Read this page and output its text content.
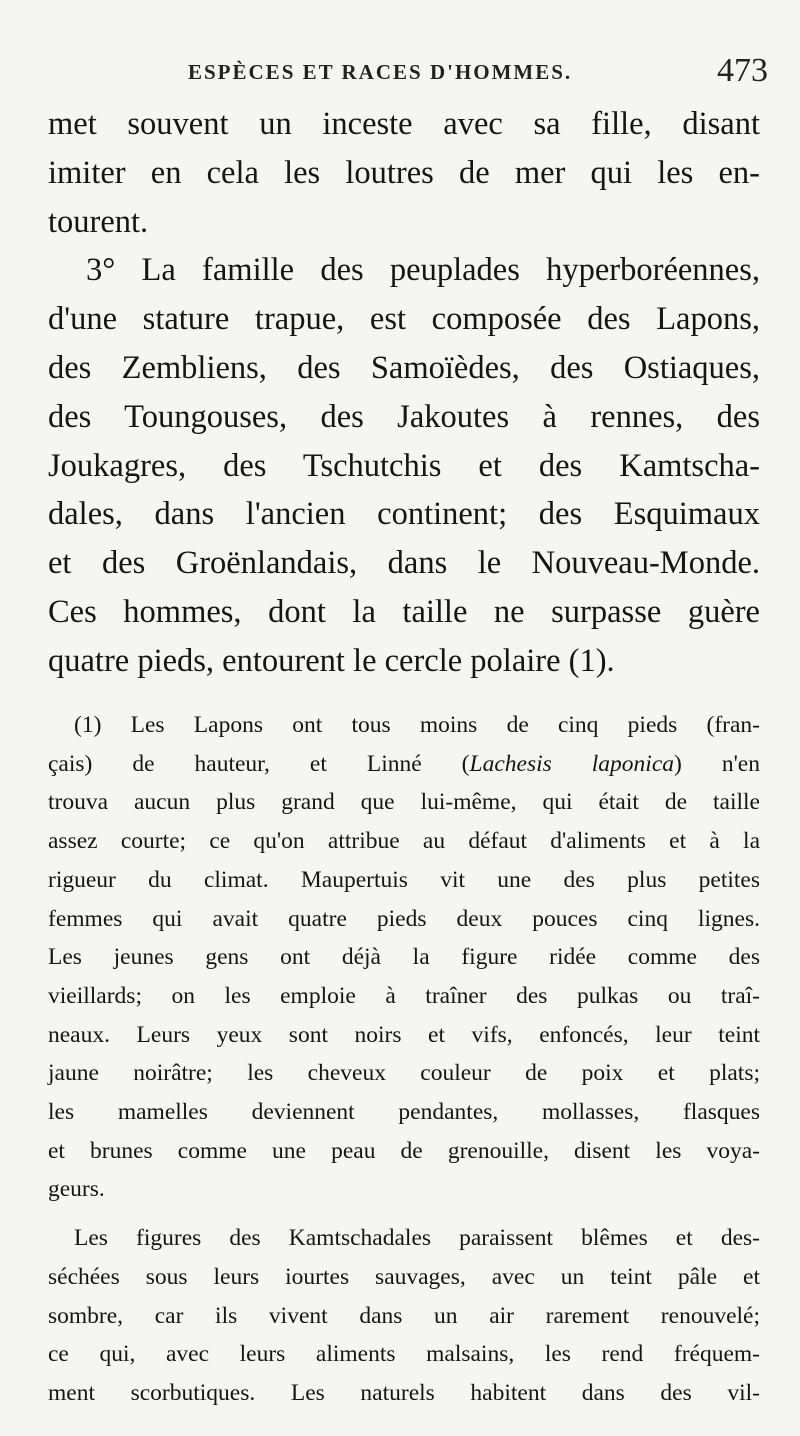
ESPÈCES ET RACES D'HOMMES.	473
met souvent un inceste avec sa fille, disant
imiter en cela les loutres de mer qui les en-
tourent.
3° La famille des peuplades hyperboréennes,
d'une stature trapue, est composée des Lapons,
des Zembliens, des Samoïèdes, des Ostiaques,
des Toungouses, des Jakoutes à rennes, des
Joukagres, des Tschutchis et des Kamtscha-
dales, dans l'ancien continent; des Esquimaux
et des Groënlandais, dans le Nouveau-Monde.
Ces hommes, dont la taille ne surpasse guère
quatre pieds, entourent le cercle polaire (1).
(1) Les Lapons ont tous moins de cinq pieds (fran-
çais) de hauteur, et Linné (Lachesis laponica) n'en
trouva aucun plus grand que lui-même, qui était de taille
assez courte; ce qu'on attribue au défaut d'aliments et à la
rigueur du climat. Maupertuis vit une des plus petites
femmes qui avait quatre pieds deux pouces cinq lignes.
Les jeunes gens ont déjà la figure ridée comme des
vieillards; on les emploie à traîner des pulkas ou traî-
neaux. Leurs yeux sont noirs et vifs, enfoncés, leur teint
jaune noirâtre; les cheveux couleur de poix et plats;
les mamelles deviennent pendantes, mollasses, flasques
et brunes comme une peau de grenouille, disent les voya-
geurs.
Les figures des Kamtschadales paraissent blêmes et des-
séchées sous leurs iourtes sauvages, avec un teint pâle et
sombre, car ils vivent dans un air rarement renouvelé;
ce qui, avec leurs aliments malsains, les rend fréquem-
ment scorbutiques. Les naturels habitent dans des vil-
